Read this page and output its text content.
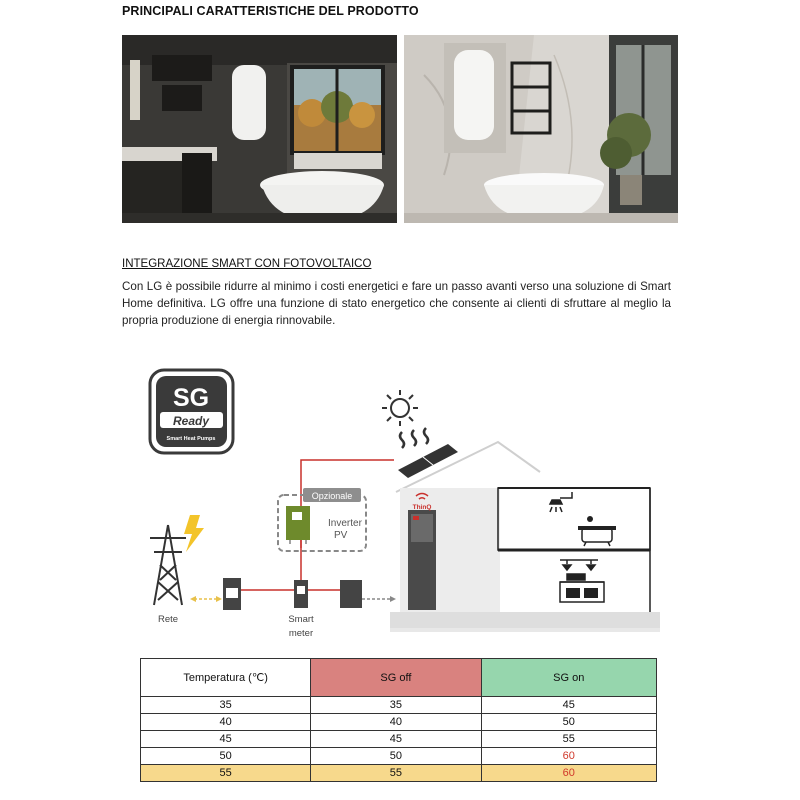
PRINCIPALI CARATTERISTICHE DEL PRODOTTO
INTEGRAZIONE SMART CON FOTOVOLTAICO
Con LG è possibile ridurre al minimo i costi energetici e fare un passo avanti verso una soluzione di Smart Home definitiva. LG offre una funzione di stato energetico che consente ai clienti di sfruttare al meglio la propria produzione di energia rinnovabile.
SG
Ready
Smart Heat Pumps
Rete
Opzionale
Inverter
PV
Smart
meter
ThinQ
Temperatura (℃)	SG off	SG on
35	35	45
40	40	50
45	45	55
50	50	60
55	55	60
